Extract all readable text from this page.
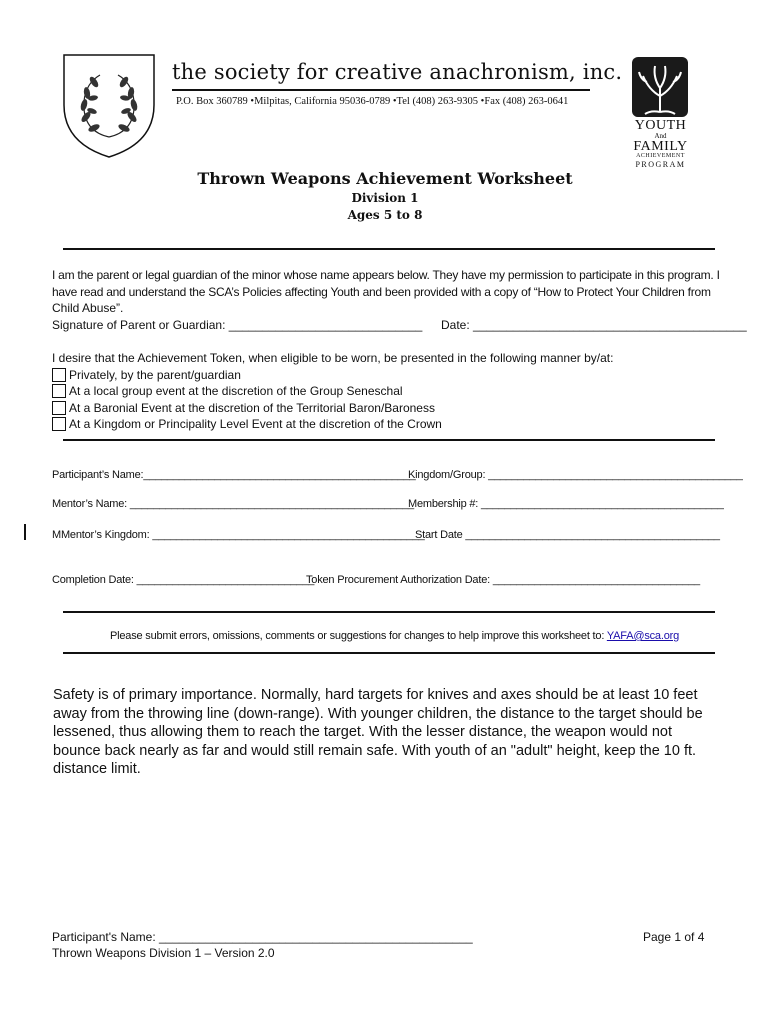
the society for creative anachronism, inc.
P.O. Box 360789 •Milpitas, California 95036-0789 •Tel (408) 263-9305 •Fax (408) 263-0641
YOUTH
And
FAMILY
ACHIEVEMENT
PROGRAM
Thrown Weapons Achievement Worksheet
Division 1
Ages 5 to 8
I am the parent or legal guardian of the minor whose name appears below. They have my permission to participate in this program. I
have read and understand the SCA’s Policies affecting Youth and been provided with a copy of “How to Protect Your Children from
Child Abuse”.
Signature of Parent or Guardian: _____________________________ Date: _________________________________________
I desire that the Achievement Token, when eligible to be worn, be presented in the following manner by/at:
Privately, by the parent/guardian
At a local group event at the discretion of the Group Seneschal
At a Baronial Event at the discretion of the Territorial Baron/Baroness
At a Kingdom or Principality Level Event at the discretion of the Crown
Participant’s Name:______________________________________________
Kingdom/Group: ___________________________________________
Mentor’s Name: ________________________________________________
Membership #: _________________________________________
MMentor’s Kingdom: ______________________________________________
Start Date ___________________________________________
Completion Date: ______________________________
Token Procurement Authorization Date: ___________________________________
Please submit errors, omissions, comments or suggestions for changes to help improve this worksheet to: YAFA@sca.org
Safety is of primary importance. Normally, hard targets for knives and axes should be at least 10 feet away from the throwing line (down-range). With younger children, the distance to the target should be lessened, thus allowing them to reach the target. With the lesser distance, the weapon would not bounce back nearly as far and would still remain safe. With youth of an "adult" height, keep the 10 ft. distance limit.
Participant's Name: _______________________________________________
Thrown Weapons Division 1 – Version 2.0
Page 1 of 4
